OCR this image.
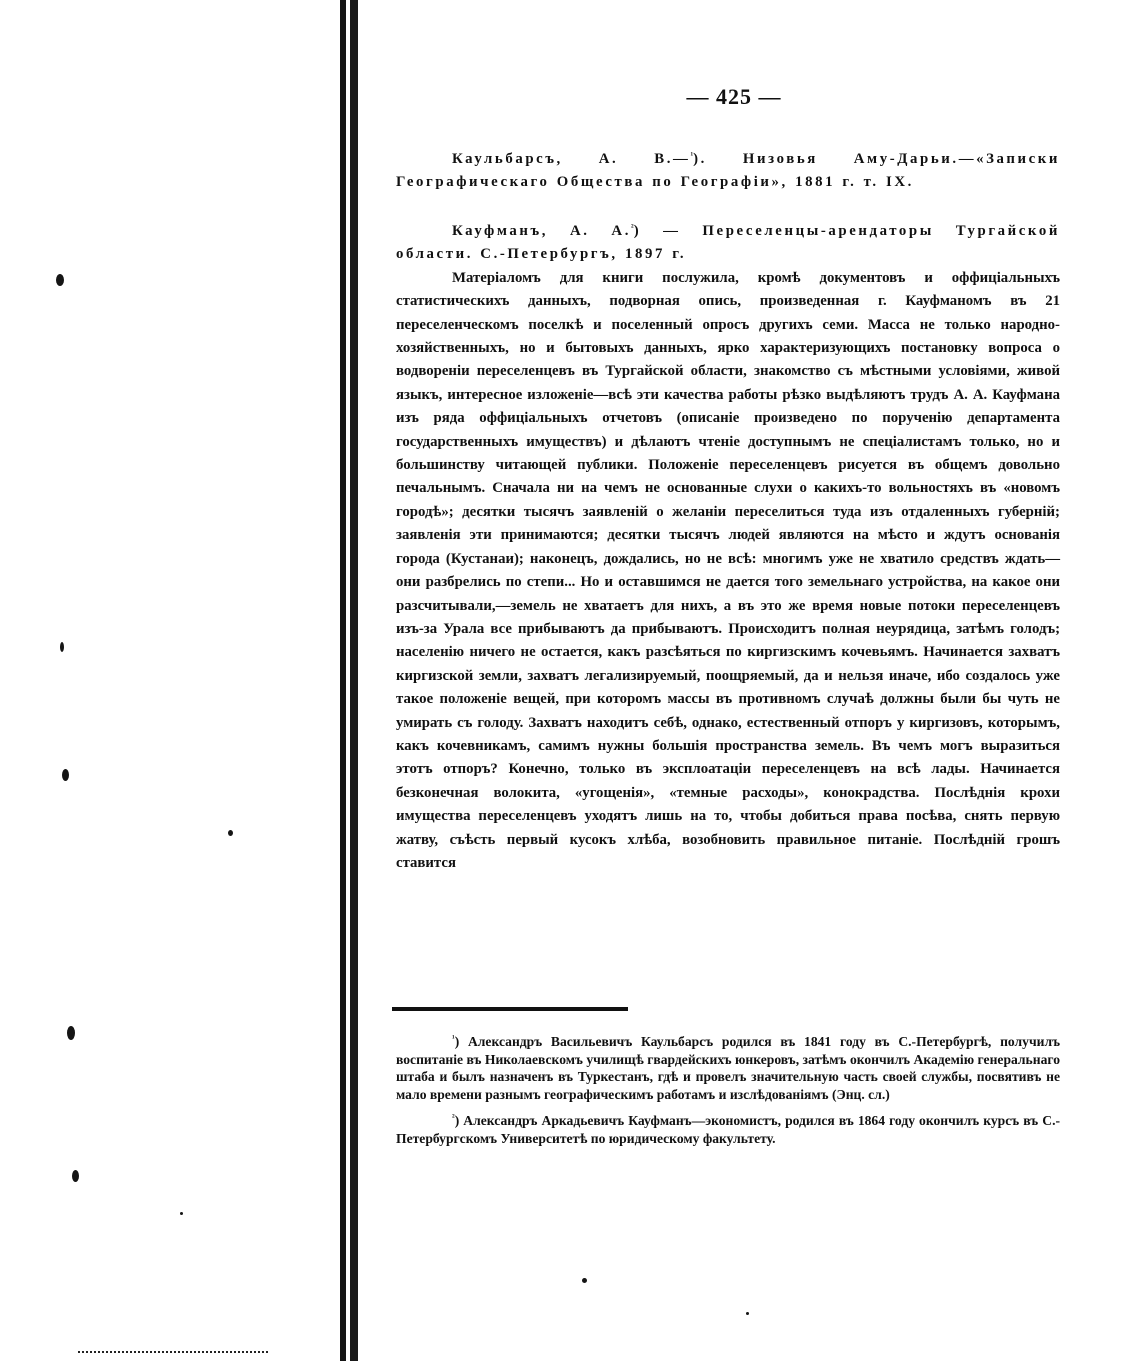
— 425 —

Каульбарсъ, А. В.—$^{^1}$). Низовья Аму-Дарьи.—«Записки Географическаго Общества по Географіи», 1881 г. т. IX.

Кауфманъ, А. А.$^{^2}$) — Переселенцы-арендаторы Тургайской области. С.-Петербургъ, 1897 г.

Матеріаломъ для книги послужила, кромѣ документовъ и оффиціальныхъ статистическихъ данныхъ, подворная опись, произведенная г. Кауфманомъ въ 21 переселенческомъ поселкѣ и поселенный опросъ другихъ семи. Масса не только народно-хозяйственныхъ, но и бытовыхъ данныхъ, ярко характеризующихъ постановку вопроса о водвореніи переселенцевъ въ Тургайской области, знакомство съ мѣстными условіями, живой языкъ, интересное изложеніе—всѣ эти качества работы рѣзко выдѣляютъ трудъ А. А. Кауфмана изъ ряда оффиціальныхъ отчетовъ (описаніе произведено по порученію департамента государственныхъ имуществъ) и дѣлаютъ чтеніе доступнымъ не спеціалистамъ только, но и большинству читающей публики. Положеніе переселенцевъ рисуется въ общемъ довольно печальнымъ. Сначала ни на чемъ не основанные слухи о какихъ-то вольностяхъ въ «новомъ городѣ»; десятки тысячъ заявленій о желаніи переселиться туда изъ отдаленныхъ губерній; заявленія эти принимаются; десятки тысячъ людей являются на мѣсто и ждутъ основанія города (Кустанаи); наконецъ, дождались, но не всѣ: многимъ уже не хватило средствъ ждать—они разбрелись по степи... Но и оставшимся не дается того земельнаго устройства, на какое они разсчитывали,—земель не хватаетъ для нихъ, а въ это же время новые потоки переселенцевъ изъ-за Урала все прибываютъ да прибываютъ. Происходитъ полная неурядица, затѣмъ голодъ; населенію ничего не остается, какъ разсѣяться по киргизскимъ кочевьямъ. Начинается захватъ киргизской земли, захватъ легализируемый, поощряемый, да и нельзя иначе, ибо создалось уже такое положеніе вещей, при которомъ массы въ противномъ случаѣ должны были бы чуть не умирать съ голоду. Захватъ находитъ себѣ, однако, естественный отпоръ у киргизовъ, которымъ, какъ кочевникамъ, самимъ нужны большія пространства земель. Въ чемъ могъ выразиться этотъ отпоръ? Конечно, только въ эксплоатаціи переселенцевъ на всѣ лады. Начинается безконечная волокита, «угощенія», «темные расходы», конокрадства. Послѣднія крохи имущества переселенцевъ уходятъ лишь на то, чтобы добиться права посѣва, снять первую жатву, съѣсть первый кусокъ хлѣба, возобновить правильное питаніе. Послѣдній грошъ ставится

$^{^1}$) Александръ Васильевичъ Каульбарсъ родился въ 1841 году въ С.-Петербургѣ, получилъ воспитаніе въ Николаевскомъ училищѣ гвардейскихъ юнкеровъ, затѣмъ окончилъ Академію генеральнаго штаба и былъ назначенъ въ Туркестанъ, гдѣ и провелъ значительную часть своей службы, посвятивъ не мало времени разнымъ географическимъ работамъ и изслѣдованіямъ (Энц. сл.)

$^{^2}$) Александръ Аркадьевичъ Кауфманъ—экономистъ, родился въ 1864 году окончилъ курсъ въ С.-Петербургскомъ Университетѣ по юридическому факультету.
